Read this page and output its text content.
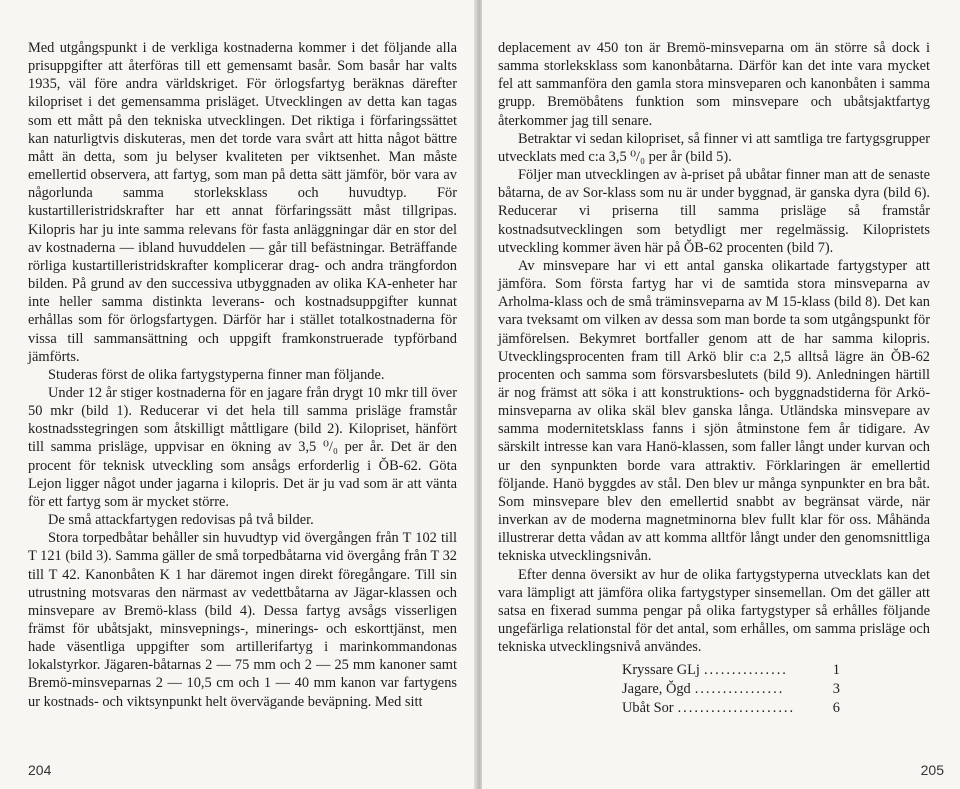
Med utgångspunkt i de verkliga kostnaderna kommer i det följande alla prisuppgifter att återföras till ett gemensamt basår. Som basår har valts 1935, väl före andra världskriget. För örlogsfartyg beräknas därefter kilopriset i det gemensamma prisläget. Utvecklingen av detta kan tagas som ett mått på den tekniska utvecklingen. Det riktiga i förfaringssättet kan naturligtvis diskuteras, men det torde vara svårt att hitta något bättre mått än detta, som ju belyser kvaliteten per viktsenhet. Man måste emellertid observera, att fartyg, som man på detta sätt jämför, bör vara av någorlunda samma storleksklass och huvudtyp. För kustartilleristridskrafter har ett annat förfaringssätt måst tillgripas. Kilopris har ju inte samma relevans för fasta anläggningar där en stor del av kostnaderna — ibland huvuddelen — går till befästningar. Beträffande rörliga kustartilleristridskrafter komplicerar drag- och andra trängfordon bilden. På grund av den successiva utbyggnaden av olika KA-enheter har inte heller samma distinkta leverans- och kostnadsuppgifter kunnat erhållas som för örlogsfartygen. Därför har i stället totalkostnaderna för vissa till sammansättning och uppgift framkonstruerade typförband jämförts.

Studeras först de olika fartygstyperna finner man följande.

Under 12 år stiger kostnaderna för en jagare från drygt 10 mkr till över 50 mkr (bild 1). Reducerar vi det hela till samma prisläge framstår kostnadsstegringen som åtskilligt måttligare (bild 2). Kilopriset, hänfört till samma prisläge, uppvisar en ökning av 3,5 ⁰/₀ per år. Det är den procent för teknisk utveckling som ansågs erforderlig i ŎB-62. Göta Lejon ligger något under jagarna i kilopris. Det är ju vad som är att vänta för ett fartyg som är mycket större.

De små attackfartygen redovisas på två bilder.

Stora torpedbåtar behåller sin huvudtyp vid övergången från T 102 till T 121 (bild 3). Samma gäller de små torpedbåtarna vid övergång från T 32 till T 42. Kanonbåten K 1 har däremot ingen direkt föregångare. Till sin utrustning motsvaras den närmast av vedettbåtarna av Jägar-klassen och minsvepare av Bremö-klass (bild 4). Dessa fartyg avsågs visserligen främst för ubåtsjakt, minsvepnings-, minerings- och eskorttjänst, men hade väsentliga uppgifter som artillerifartyg i marinkommandonas lokalstyrkor. Jägaren-båtarnas 2 — 75 mm och 2 — 25 mm kanoner samt Bremö-minsveparnas 2 — 10,5 cm och 1 — 40 mm kanon var fartygens ur kostnads- och viktsynpunkt helt övervägande beväpning. Med sitt

204

deplacement av 450 ton är Bremö-minsveparna om än större så dock i samma storleksklass som kanonbåtarna. Därför kan det inte vara mycket fel att sammanföra den gamla stora minsveparen och kanonbåten i samma grupp. Bremöbåtens funktion som minsvepare och ubåtsjaktfartyg återkommer jag till senare.

Betraktar vi sedan kilopriset, så finner vi att samtliga tre fartygsgrupper utvecklats med c:a 3,5 ⁰/₀ per år (bild 5).

Följer man utvecklingen av à-priset på ubåtar finner man att de senaste båtarna, de av Sor-klass som nu är under byggnad, är ganska dyra (bild 6). Reducerar vi priserna till samma prisläge så framstår kostnadsutvecklingen som betydligt mer regelmässig. Kilopristets utveckling kommer även här på ŎB-62 procenten (bild 7).

Av minsvepare har vi ett antal ganska olikartade fartygstyper att jämföra. Som första fartyg har vi de samtida stora minsveparna av Arholma-klass och de små träminsveparna av M 15-klass (bild 8). Det kan vara tveksamt om vilken av dessa som man borde ta som utgångspunkt för jämförelsen. Bekymret bortfaller genom att de har samma kilopris. Utvecklingsprocenten fram till Arkö blir c:a 2,5 alltså lägre än ŎB-62 procenten och samma som försvarsbeslutets (bild 9). Anledningen härtill är nog främst att söka i att konstruktions- och byggnadstiderna för Arkö-minsveparna av olika skäl blev ganska långa. Utländska minsvepare av samma modernitetsklass fanns i sjön åtminstone fem år tidigare. Av särskilt intresse kan vara Hanö-klassen, som faller långt under kurvan och ur den synpunkten borde vara attraktiv. Förklaringen är emellertid följande. Hanö byggdes av stål. Den blev ur många synpunkter en bra båt. Som minsvepare blev den emellertid snabbt av begränsat värde, när inverkan av de moderna magnetminorna blev fullt klar för oss. Måhända illustrerar detta vådan av att komma alltför långt under den genomsnittliga tekniska utvecklingsnivån.

Efter denna översikt av hur de olika fartygstyperna utvecklats kan det vara lämpligt att jämföra olika fartygstyper sinsemellan. Om det gäller att satsa en fixerad summa pengar på olika fartygstyper så erhålles följande ungefärliga relationstal för det antal, som erhålles, om samma prisläge och tekniska utvecklingsnivå användes.

Kryssare GLj ...............	1
Jagare, Ŏgd ................	3
Ubåt Sor .....................	6
205
